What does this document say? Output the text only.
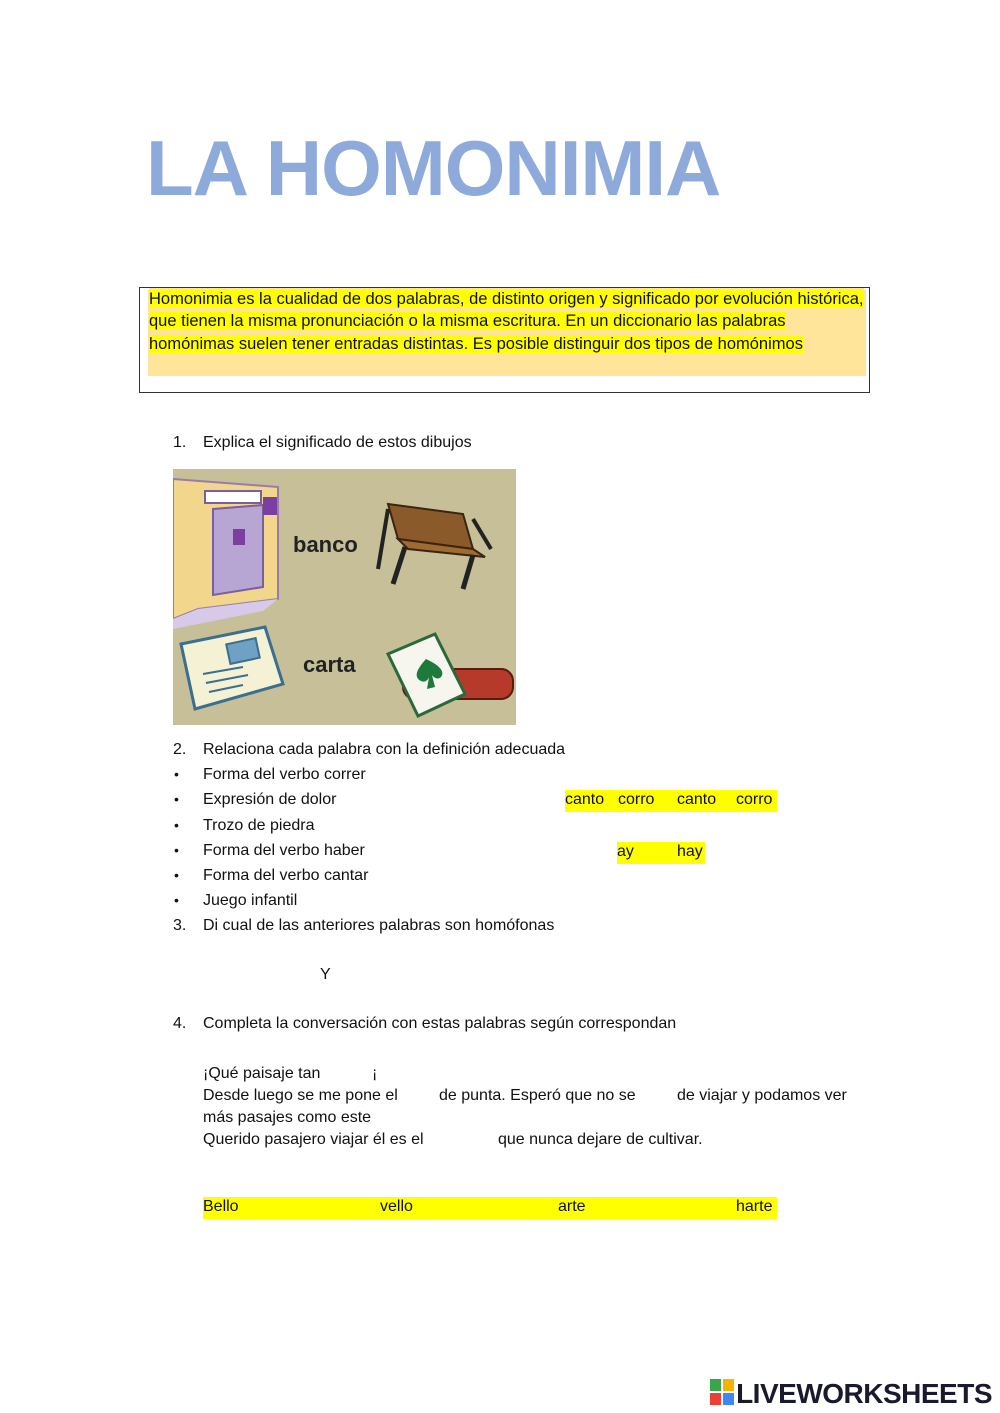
LA HOMONIMIA
Homonimia es la cualidad de dos palabras, de distinto origen y significado por evolución histórica, que tienen la misma pronunciación o la misma escritura. En un diccionario las palabras homónimas suelen tener entradas distintas. Es posible distinguir dos tipos de homónimos
1. Explica el significado de estos dibujos
banco
carta
2. Relaciona cada palabra con la definición adecuada
• Forma del verbo correr
• Expresión de dolor
• Trozo de piedra
• Forma del verbo haber
• Forma del verbo cantar
• Juego infantil
canto corro canto corro
ay	hay
3. Di cual de las anteriores palabras son homófonas
Y
4. Completa la conversación con estas palabras según correspondan
¡Qué paisaje tan	¡
Desde luego se me pone el	de punta. Esperó que no se	de viajar y podamos ver
más pasajes como este
Querido pasajero viajar él es el	que nunca dejare de cultivar.
Bello	vello	arte	harte
LIVEWORKSHEETS
